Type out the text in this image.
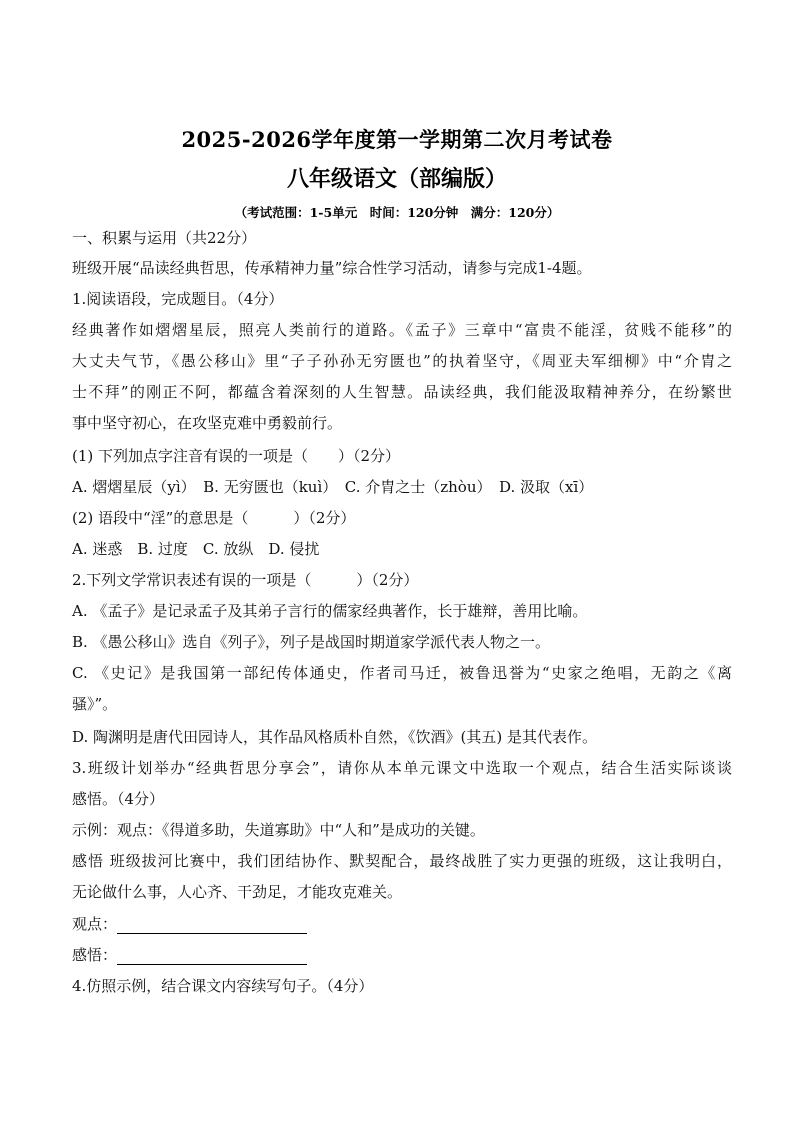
2025-2026学年度第一学期第二次月考试卷
八年级语文（部编版）
（考试范围：1-5单元　时间：120分钟　满分：120分）
一、积累与运用（共22分）
班级开展“品读经典哲思，传承精神力量”综合性学习活动，请参与完成1-4题。
1.阅读语段，完成题目。（4分）
经典著作如熠熠星辰，照亮人类前行的道路。《孟子》三章中“富贵不能淫，贫贱不能移”的
大丈夫气节，《愚公移山》里“子子孙孙无穷匮也”的执着坚守，《周亚夫军细柳》中“介胄之
士不拜”的刚正不阿，都蕴含着深刻的人生智慧。品读经典，我们能汲取精神养分，在纷繁世
事中坚守初心，在攻坚克难中勇毅前行。
(1) 下列加点字注音有误的一项是（　　）（2分）
A. 熠熠星辰（yì）　B. 无穷匮也（kuì）　C. 介胄之士（zhòu）　D. 汲取（xī）
(2) 语段中“淫”的意思是（　　　）（2分）
A. 迷惑　B. 过度　C. 放纵　D. 侵扰
2.下列文学常识表述有误的一项是（　　　）（2分）
A. 《孟子》是记录孟子及其弟子言行的儒家经典著作，长于雄辩，善用比喻。
B. 《愚公移山》选自《列子》，列子是战国时期道家学派代表人物之一。
C. 《史记》是我国第一部纪传体通史，作者司马迁，被鲁迅誉为“史家之绝唱，无韵之《离
骚》”。
D. 陶渊明是唐代田园诗人，其作品风格质朴自然，《饮酒》(其五) 是其代表作。
3.班级计划举办“经典哲思分享会”，请你从本单元课文中选取一个观点，结合生活实际谈谈
感悟。（4分）
示例：观点：《得道多助，失道寡助》中“人和”是成功的关键。
感悟 班级拔河比赛中，我们团结协作、默契配合，最终战胜了实力更强的班级，这让我明白，
无论做什么事，人心齐、干劲足，才能攻克难关。
观点：
感悟：
4.仿照示例，结合课文内容续写句子。（4分）
